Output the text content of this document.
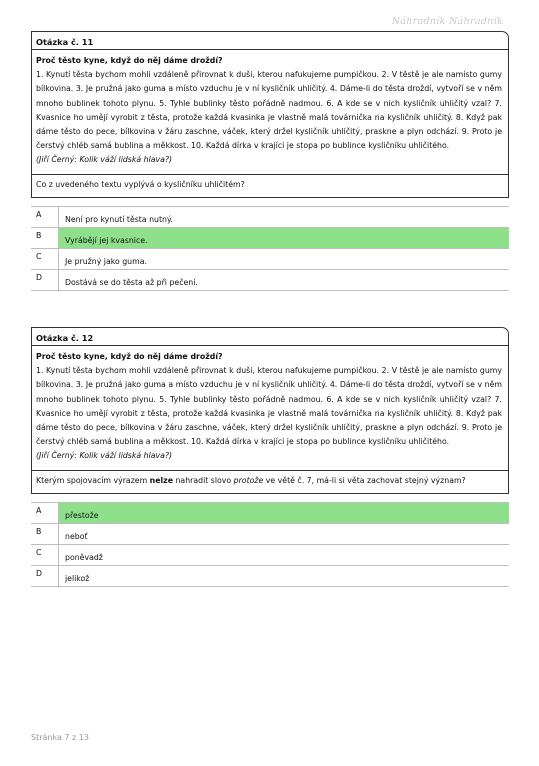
Náhradník Náhradník
Otázka č. 11
Proč těsto kyne, když do něj dáme droždí?
1. Kynutí těsta bychom mohli vzdáleně přirovnat k duši, kterou nafukujeme pumpičkou. 2. V těstě je ale namísto gumy bílkovina. 3. Je pružná jako guma a místo vzduchu je v ní kysličník uhličitý. 4. Dáme-li do těsta droždí, vytvoří se v něm mnoho bublinek tohoto plynu. 5. Tyhle bublinky těsto pořádně nadmou. 6. A kde se v nich kysličník uhličitý vzal? 7. Kvasnice ho umějí vyrobit z těsta, protože každá kvasinka je vlastně malá továrnička na kysličník uhličitý. 8. Když pak dáme těsto do pece, bílkovina v žáru zaschne, váček, který držel kysličník uhličitý, praskne a plyn odchází. 9. Proto je čerstvý chléb samá bublina a měkkost. 10. Každá dírka v krajíci je stopa po bublince kysličníku uhličitého.
(Jiří Černý: Kolik váží lidská hlava?)
Co z uvedeného textu vyplývá o kysličníku uhličitém?
A
Není pro kynutí těsta nutný.
B
Vyrábějí jej kvasnice.
C
Je pružný jako guma.
D
Dostává se do těsta až při pečení.
Otázka č. 12
Proč těsto kyne, když do něj dáme droždí?
1. Kynutí těsta bychom mohli vzdáleně přirovnat k duši, kterou nafukujeme pumpičkou. 2. V těstě je ale namísto gumy bílkovina. 3. Je pružná jako guma a místo vzduchu je v ní kysličník uhličitý. 4. Dáme-li do těsta droždí, vytvoří se v něm mnoho bublinek tohoto plynu. 5. Tyhle bublinky těsto pořádně nadmou. 6. A kde se v nich kysličník uhličitý vzal? 7. Kvasnice ho umějí vyrobit z těsta, protože každá kvasinka je vlastně malá továrnička na kysličník uhličitý. 8. Když pak dáme těsto do pece, bílkovina v žáru zaschne, váček, který držel kysličník uhličitý, praskne a plyn odchází. 9. Proto je čerstvý chléb samá bublina a měkkost. 10. Každá dírka v krajíci je stopa po bublince kysličníku uhličitého.
(Jiří Černý: Kolik váží lidská hlava?)
Kterým spojovacím výrazem nelze nahradit slovo protože ve větě č. 7, má-li si věta zachovat stejný význam?
A
přestože
B
neboť
C
poněvadž
D
jelikož
Stránka 7 z 13
